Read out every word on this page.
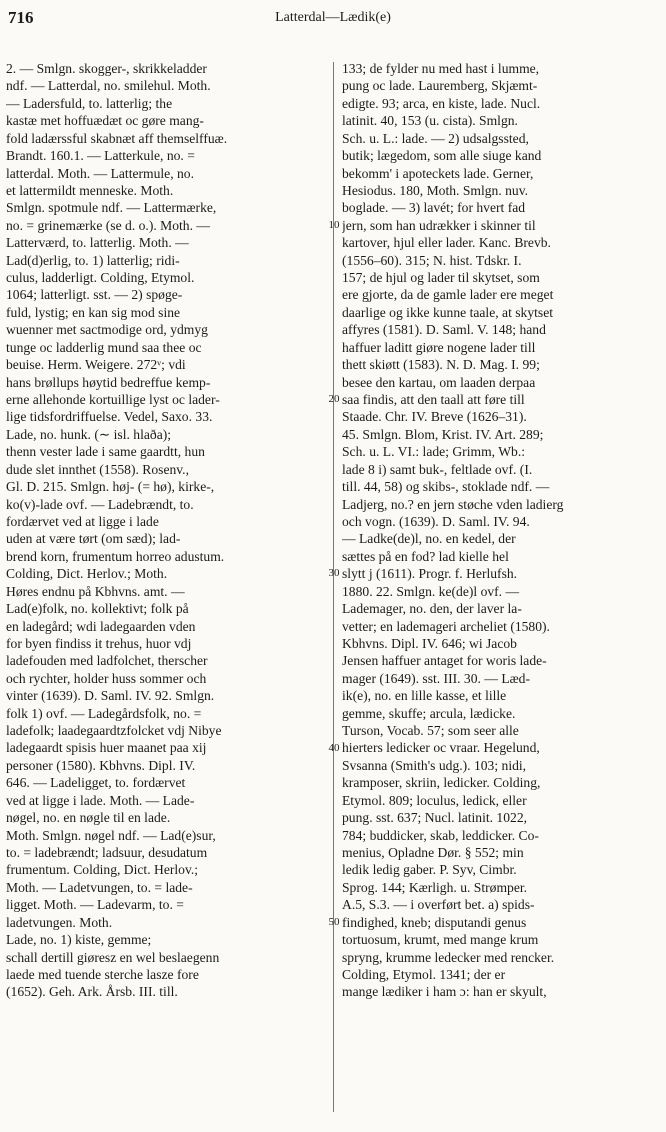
716	Latterdal—Lædik(e)
2. — Smlgn. skogger-, skrikkeladder
ndf. — Latterdal, no. smilehul. Moth.
— Ladersfuld, to. latterlig; the
kastæ met hoffuædæt oc gøre mang-
fold ladærssful skabnæt aff themselffuæ.
Brandt. 160.1. — Latterkule, no. =
latterdal. Moth. — Lattermule, no.
et lattermildt menneske. Moth.
Smlgn. spotmule ndf. — Lattermærke,
no. = grinemærke (se d. o.). Moth. —
Latterværd, to. latterlig. Moth. —
Lad(d)erlig, to. 1) latterlig; ridi-
culus, ladderligt. Colding, Etymol.
1064; latterligt. sst. — 2) spøge-
fuld, lystig; en kan sig mod sine
wuenner met sactmodige ord, ydmyg
tunge oc ladderlig mund saa thee oc
beuise. Herm. Weigere. 272ᵛ; vdi
hans brøllups høytid bedreffue kemp-
erne allehonde kortuillige lyst oc lader-
lige tidsfordriffuelse. Vedel, Saxo. 33.
Lade, no. hunk. (∼ isl. hlaða);
thenn vester lade i same gaardtt, hun
dude slet innthet (1558). Rosenv.,
Gl. D. 215. Smlgn. høj- (= hø), kirke-,
ko(v)-lade ovf. — Ladebrændt, to.
fordærvet ved at ligge i lade
uden at være tørt (om sæd); lad-
brend korn, frumentum horreo adustum.
Colding, Dict. Herlov.; Moth.
Høres endnu på Kbhvns. amt. —
Lad(e)folk, no. kollektivt; folk på
en ladegård; wdi ladegaarden vden
for byen findiss it trehus, huor vdj
ladefouden med ladfolchet, therscher
och rychter, holder huss sommer och
vinter (1639). D. Saml. IV. 92. Smlgn.
folk 1) ovf. — Ladegårdsfolk, no. =
ladefolk; laadegaardtzfolcket vdj Nibye
ladegaardt spisis huer maanet paa xij
personer (1580). Kbhvns. Dipl. IV.
646. — Ladeligget, to. fordærvet
ved at ligge i lade. Moth. — Lade-
nøgel, no. en nøgle til en lade.
Moth. Smlgn. nøgel ndf. — Lad(e)sur,
to. = ladebrændt; ladsuur, desudatum
frumentum. Colding, Dict. Herlov.;
Moth. — Ladetvungen, to. = lade-
ligget. Moth. — Ladevarm, to. =
ladetvungen. Moth.
Lade, no. 1) kiste, gemme;
schall dertill giøresz en wel beslaegenn
laede med tuende sterche lasze fore
(1652). Geh. Ark. Årsb. III. till.
133; de fylder nu med hast i lumme,
pung oc lade. Lauremberg, Skjæmt-
edigte. 93; arca, en kiste, lade. Nucl.
latinit. 40, 153 (u. cista). Smlgn.
Sch. u. L.: lade. — 2) udsalgssted,
butik; lægedom, som alle siuge kand
bekomm' i apoteckets lade. Gerner,
Hesiodus. 180, Moth. Smlgn. nuv.
boglade. — 3) lavét; for hvert fad
jern, som han udrækker i skinner til
kartover, hjul eller lader. Kanc. Brevb.
(1556–60). 315; N. hist. Tdskr. I.
157; de hjul og lader til skytset, som
ere gjorte, da de gamle lader ere meget
daarlige og ikke kunne taale, at skytset
affyres (1581). D. Saml. V. 148; hand
haffuer laditt giøre nogene lader till
thett skiøtt (1583). N. D. Mag. I. 99;
besee den kartau, om laaden derpaa
saa findis, att den taall att føre till
Staade. Chr. IV. Breve (1626–31).
45. Smlgn. Blom, Krist. IV. Art. 289;
Sch. u. L. VI.: lade; Grimm, Wb.:
lade 8 i) samt buk-, feltlade ovf. (I.
till. 44, 58) og skibs-, stoklade ndf. —
Ladjerg, no.? en jern støche vden ladierg
och vogn. (1639). D. Saml. IV. 94.
— Ladke(de)l, no. en kedel, der
sættes på en fod? lad kielle hel
slytt j (1611). Progr. f. Herlufsh.
1880. 22. Smlgn. ke(de)l ovf. —
Lademager, no. den, der laver la-
vetter; en lademageri archeliet (1580).
Kbhvns. Dipl. IV. 646; wi Jacob
Jensen haffuer antaget for woris lade-
mager (1649). sst. III. 30. — Læd-
ik(e), no. en lille kasse, et lille
gemme, skuffe; arcula, lædicke.
Turson, Vocab. 57; som seer alle
hierters ledicker oc vraar. Hegelund,
Svsanna (Smith's udg.). 103; nidi,
kramposer, skriin, ledicker. Colding,
Etymol. 809; loculus, ledick, eller
pung. sst. 637; Nucl. latinit. 1022,
784; buddicker, skab, leddicker. Co-
menius, Opladne Dør. § 552; min
ledik ledig gaber. P. Syv, Cimbr.
Sprog. 144; Kærligh. u. Strømper.
A.5, S.3. — i overført bet. a) spids-
findighed, kneb; disputandi genus
tortuosum, krumt, med mange krum
spryng, krumme ledecker med rencker.
Colding, Etymol. 1341; der er
mange lædiker i ham ɔ: han er skyult,
10
20
30
40
50
